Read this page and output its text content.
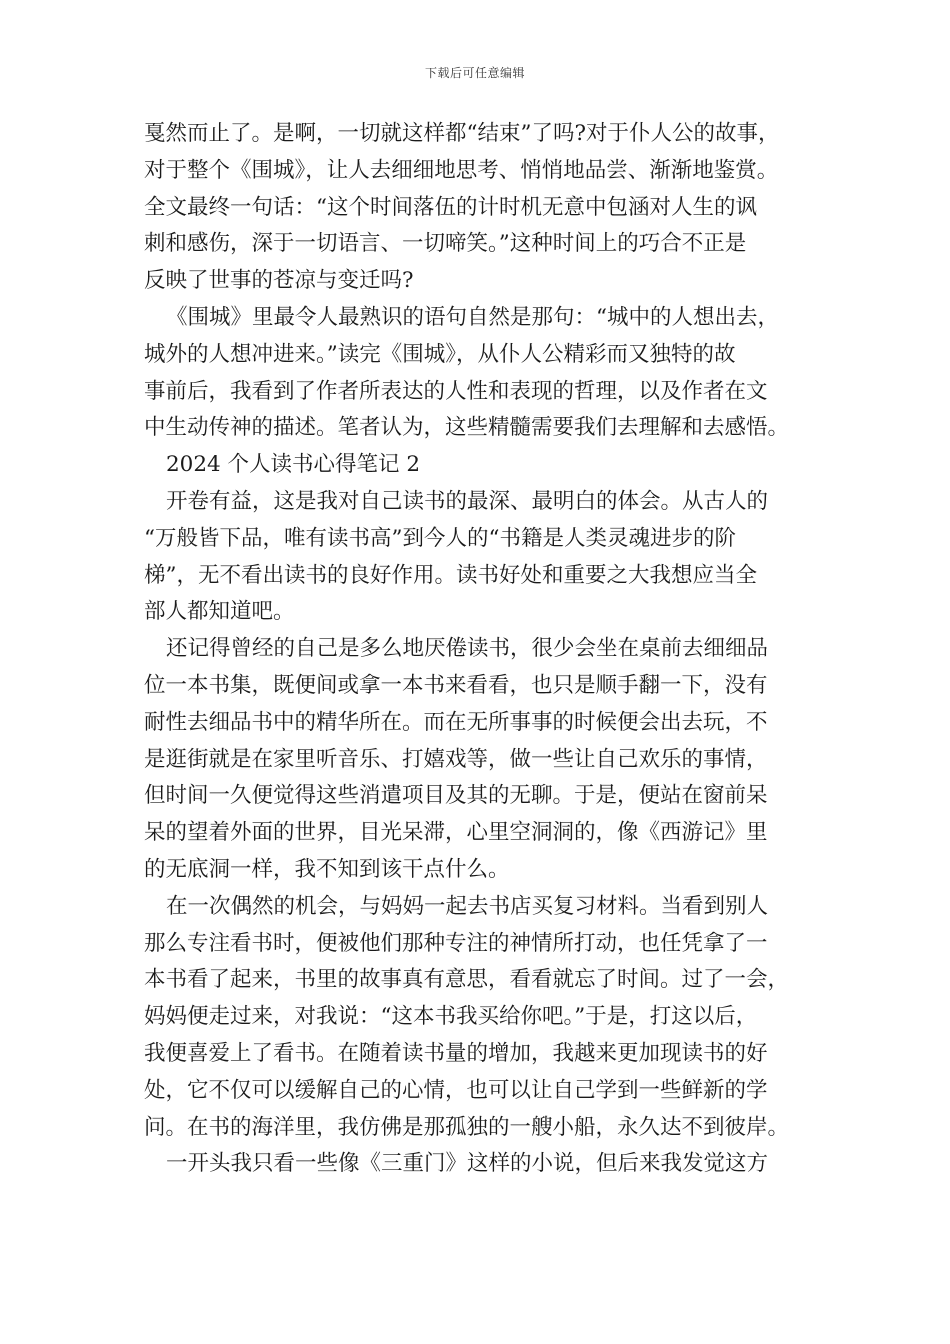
下载后可任意编辑
戛然而止了。是啊，一切就这样都“结束”了吗?对于仆人公的故事，
对于整个《围城》，让人去细细地思考、悄悄地品尝、渐渐地鉴赏。
全文最终一句话：“这个时间落伍的计时机无意中包涵对人生的讽
刺和感伤，深于一切语言、一切啼笑。”这种时间上的巧合不正是
反映了世事的苍凉与变迁吗?
《围城》里最令人最熟识的语句自然是那句：“城中的人想出去，
城外的人想冲进来。”读完《围城》，从仆人公精彩而又独特的故
事前后，我看到了作者所表达的人性和表现的哲理，以及作者在文
中生动传神的描述。笔者认为，这些精髓需要我们去理解和去感悟。
2024 个人读书心得笔记 2
开卷有益，这是我对自己读书的最深、最明白的体会。从古人的
“万般皆下品，唯有读书高”到今人的“书籍是人类灵魂进步的阶
梯”，无不看出读书的良好作用。读书好处和重要之大我想应当全
部人都知道吧。
还记得曾经的自己是多么地厌倦读书，很少会坐在桌前去细细品
位一本书集，既便间或拿一本书来看看，也只是顺手翻一下，没有
耐性去细品书中的精华所在。而在无所事事的时候便会出去玩，不
是逛街就是在家里听音乐、打嬉戏等，做一些让自己欢乐的事情，
但时间一久便觉得这些消遣项目及其的无聊。于是，便站在窗前呆
呆的望着外面的世界，目光呆滞，心里空洞洞的，像《西游记》里
的无底洞一样，我不知到该干点什么。
在一次偶然的机会，与妈妈一起去书店买复习材料。当看到别人
那么专注看书时，便被他们那种专注的神情所打动，也任凭拿了一
本书看了起来，书里的故事真有意思，看看就忘了时间。过了一会，
妈妈便走过来，对我说：“这本书我买给你吧。”于是，打这以后，
我便喜爱上了看书。在随着读书量的增加，我越来更加现读书的好
处，它不仅可以缓解自己的心情，也可以让自己学到一些鲜新的学
问。在书的海洋里，我仿佛是那孤独的一艘小船，永久达不到彼岸。
一开头我只看一些像《三重门》这样的小说，但后来我发觉这方
